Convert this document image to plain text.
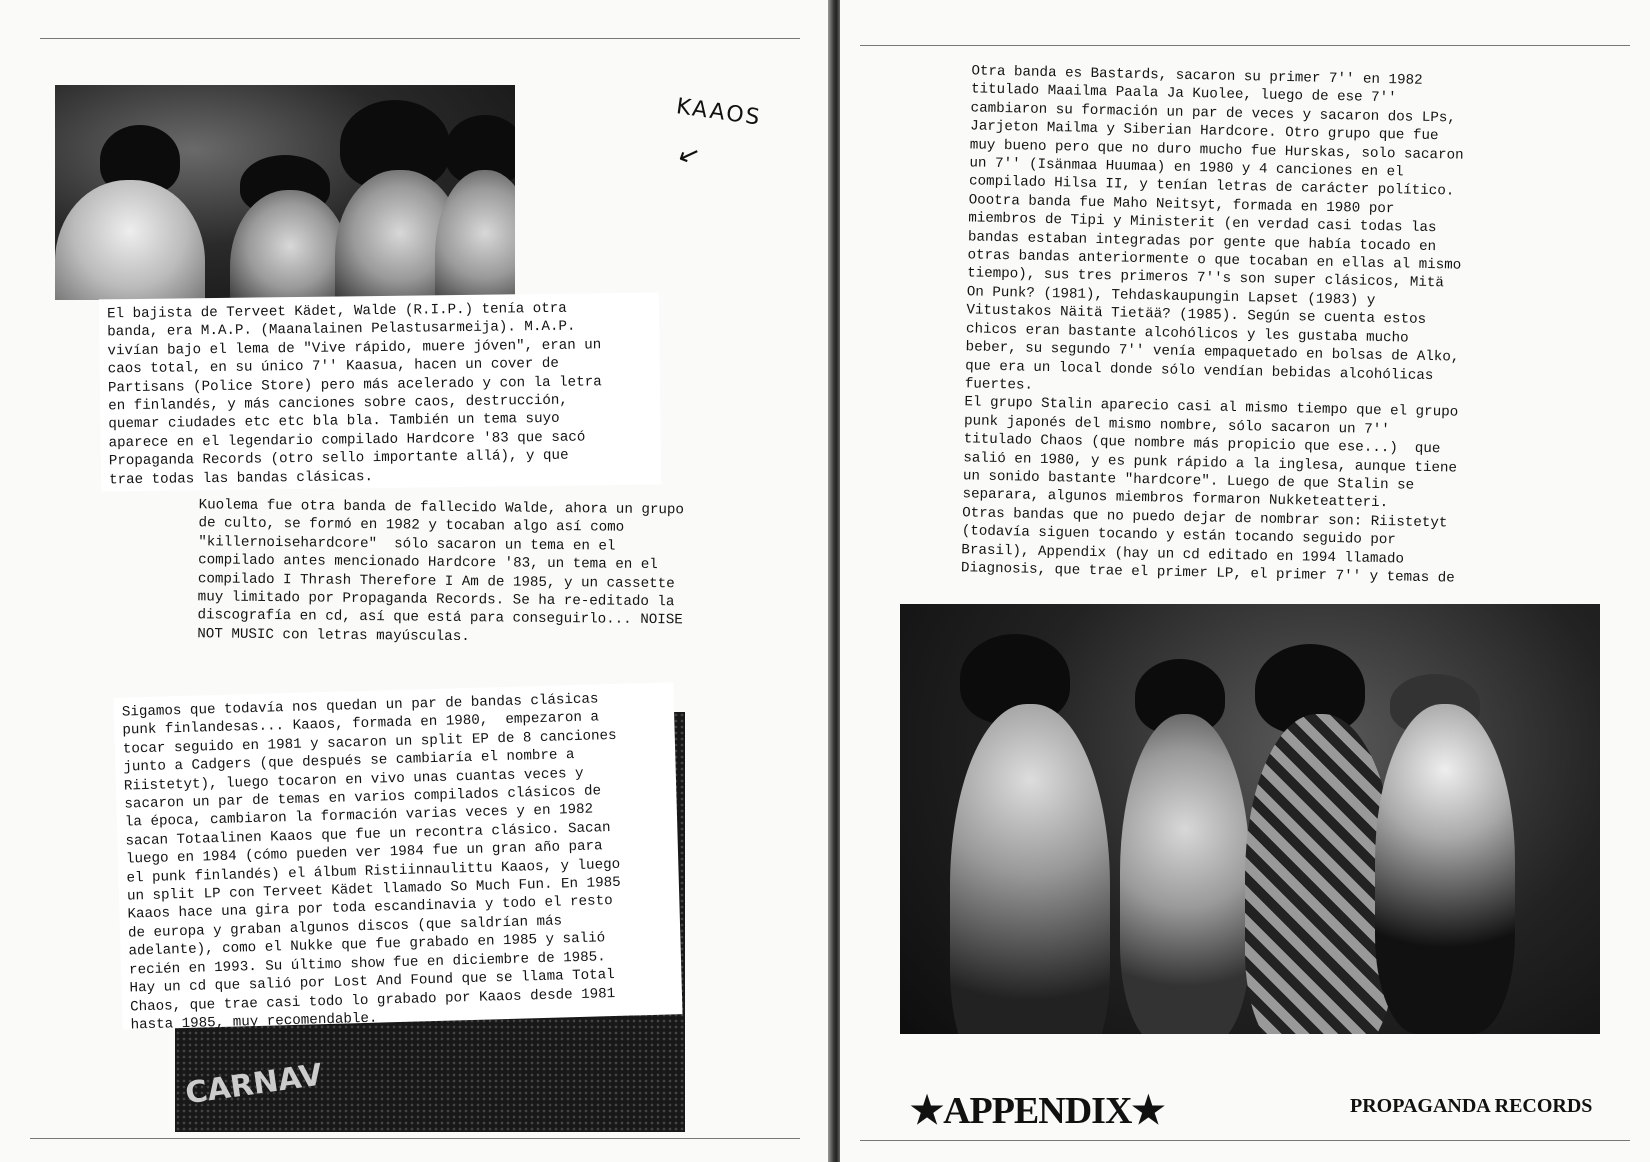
KAAOS
↙
El bajista de Terveet Kädet, Walde (R.I.P.) tenía otra
banda, era M.A.P. (Maanalainen Pelastusarmeija). M.A.P.
vivían bajo el lema de "Vive rápido, muere jóven", eran un
caos total, en su único 7'' Kaasua, hacen un cover de
Partisans (Police Store) pero más acelerado y con la letra
en finlandés, y más canciones sobre caos, destrucción,
quemar ciudades etc etc bla bla. También un tema suyo
aparece en el legendario compilado Hardcore '83 que sacó
Propaganda Records (otro sello importante allá), y que
trae todas las bandas clásicas.
Kuolema fue otra banda de fallecido Walde, ahora un grupo
de culto, se formó en 1982 y tocaban algo así como
"killernoisehardcore"  sólo sacaron un tema en el
compilado antes mencionado Hardcore '83, un tema en el
compilado I Thrash Therefore I Am de 1985, y un cassette
muy limitado por Propaganda Records. Se ha re-editado la
discografía en cd, así que está para conseguirlo... NOISE
NOT MUSIC con letras mayúsculas.
CARNAV
Sigamos que todavía nos quedan un par de bandas clásicas
punk finlandesas... Kaaos, formada en 1980,  empezaron a
tocar seguido en 1981 y sacaron un split EP de 8 canciones
junto a Cadgers (que después se cambiaría el nombre a
Riistetyt), luego tocaron en vivo unas cuantas veces y
sacaron un par de temas en varios compilados clásicos de
la época, cambiaron la formación varias veces y en 1982
sacan Totaalinen Kaaos que fue un recontra clásico. Sacan
luego en 1984 (cómo pueden ver 1984 fue un gran año para
el punk finlandés) el álbum Ristiinnaulittu Kaaos, y luego
un split LP con Terveet Kädet llamado So Much Fun. En 1985
Kaaos hace una gira por toda escandinavia y todo el resto
de europa y graban algunos discos (que saldrían más
adelante), como el Nukke que fue grabado en 1985 y salió
recién en 1993. Su último show fue en diciembre de 1985.
Hay un cd que salió por Lost And Found que se llama Total
Chaos, que trae casi todo lo grabado por Kaaos desde 1981
hasta 1985, muy recomendable.
Otra banda es Bastards, sacaron su primer 7'' en 1982
titulado Maailma Paala Ja Kuolee, luego de ese 7''
cambiaron su formación un par de veces y sacaron dos LPs,
Jarjeton Mailma y Siberian Hardcore. Otro grupo que fue
muy bueno pero que no duro mucho fue Hurskas, solo sacaron
un 7'' (Isänmaa Huumaa) en 1980 y 4 canciones en el
compilado Hilsa II, y tenían letras de carácter político.
Oootra banda fue Maho Neitsyt, formada en 1980 por
miembros de Tipi y Ministerit (en verdad casi todas las
bandas estaban integradas por gente que había tocado en
otras bandas anteriormente o que tocaban en ellas al mismo
tiempo), sus tres primeros 7''s son super clásicos, Mitä
On Punk? (1981), Tehdaskaupungin Lapset (1983) y
Vitustakos Näitä Tietää? (1985). Según se cuenta estos
chicos eran bastante alcohólicos y les gustaba mucho
beber, su segundo 7'' venía empaquetado en bolsas de Alko,
que era un local donde sólo vendían bebidas alcohólicas
fuertes.
El grupo Stalin aparecio casi al mismo tiempo que el grupo
punk japonés del mismo nombre, sólo sacaron un 7''
titulado Chaos (que nombre más propicio que ese...)  que
salió en 1980, y es punk rápido a la inglesa, aunque tiene
un sonido bastante "hardcore". Luego de que Stalin se
separara, algunos miembros formaron Nukketeatteri.
Otras bandas que no puedo dejar de nombrar son: Riistetyt
(todavía siguen tocando y están tocando seguido por
Brasil), Appendix (hay un cd editado en 1994 llamado
Diagnosis, que trae el primer LP, el primer 7'' y temas de
★APPENDIX★	PROPAGANDA RECORDS
